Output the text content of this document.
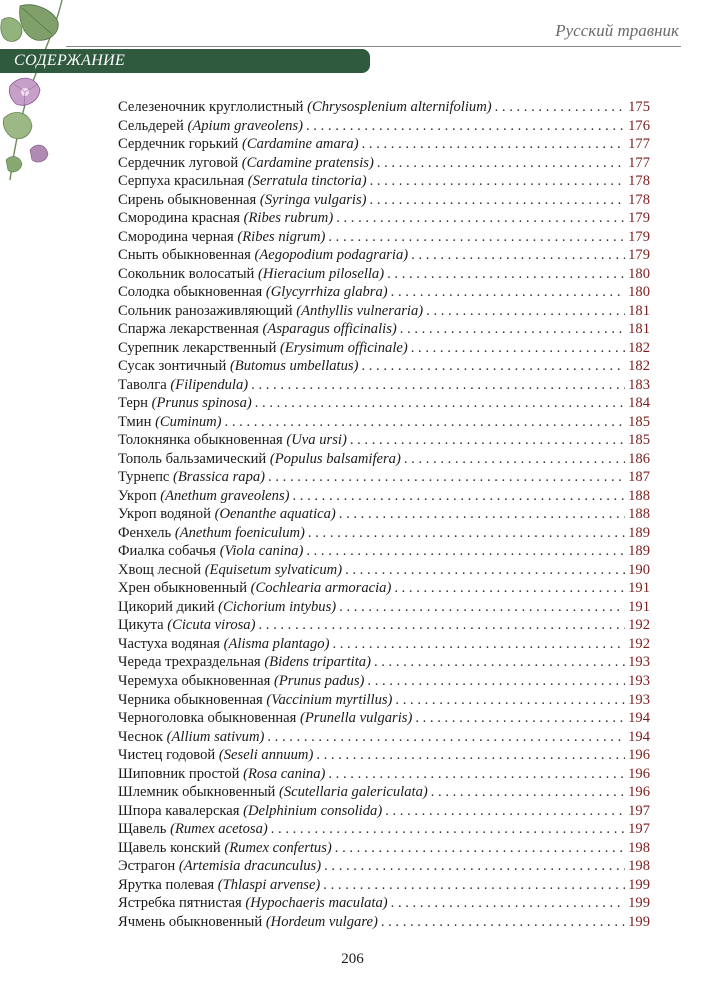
Русский травник
СОДЕРЖАНИЕ
Селезеночник круглолистный (Chrysosplenium alternifolium) . . .	175
Сельдерей (Apium graveolens) . . .	176
Сердечник горький (Cardamine amara) . . .	177
Сердечник луговой (Cardamine pratensis) . . .	177
Серпуха красильная (Serratula tinctoria) . . .	178
Сирень обыкновенная (Syringa vulgaris) . . .	178
Смородина красная (Ribes rubrum) . . .	179
Смородина черная (Ribes nigrum) . . .	179
Сныть обыкновенная (Aegopodium podagraria) . . .	179
Сокольник волосатый (Hieracium pilosella) . . .	180
Солодка обыкновенная (Glycyrrhiza glabra) . . .	180
Сольник ранозаживляющий (Anthyllis vulneraria) . . .	181
Спаржа лекарственная (Asparagus officinalis) . . .	181
Сурепник лекарственный (Erysimum officinale) . . .	182
Сусак зонтичный (Butomus umbellatus) . . .	182
Таволга (Filipendula) . . .	183
Терн (Prunus spinosa) . . .	184
Тмин (Cuminum) . . .	185
Толокнянка обыкновенная (Uva ursi) . . .	185
Тополь бальзамический (Populus balsamifera) . . .	186
Турнепс (Brassica rapa) . . .	187
Укроп (Anethum graveolens) . . .	188
Укроп водяной (Oenanthe aquatica) . . .	188
Фенхель (Anethum foeniculum) . . .	189
Фиалка собачья (Viola canina) . . .	189
Хвощ лесной (Equisetum sylvaticum) . . .	190
Хрен обыкновенный (Cochlearia armoracia) . . .	191
Цикорий дикий (Cichorium intybus) . . .	191
Цикута (Cicuta virosa) . . .	192
Частуха водяная (Alisma plantago) . . .	192
Череда трехраздельная (Bidens tripartita) . . .	193
Черемуха обыкновенная (Prunus padus) . . .	193
Черника обыкновенная (Vaccinium myrtillus) . . .	193
Черноголовка обыкновенная (Prunella vulgaris) . . .	194
Чеснок (Allium sativum) . . .	194
Чистец годовой (Seseli annuum) . . .	196
Шиповник простой (Rosa canina) . . .	196
Шлемник обыкновенный (Scutellaria galericulata) . . .	196
Шпора кавалерская (Delphinium consolida) . . .	197
Щавель (Rumex acetosa) . . .	197
Щавель конский (Rumex confertus) . . .	198
Эстрагон (Artemisia dracunculus) . . .	198
Ярутка полевая (Thlaspi arvense) . . .	199
Ястребка пятнистая (Hypochaeris maculata) . . .	199
Ячмень обыкновенный (Hordeum vulgare) . . .	199
206
